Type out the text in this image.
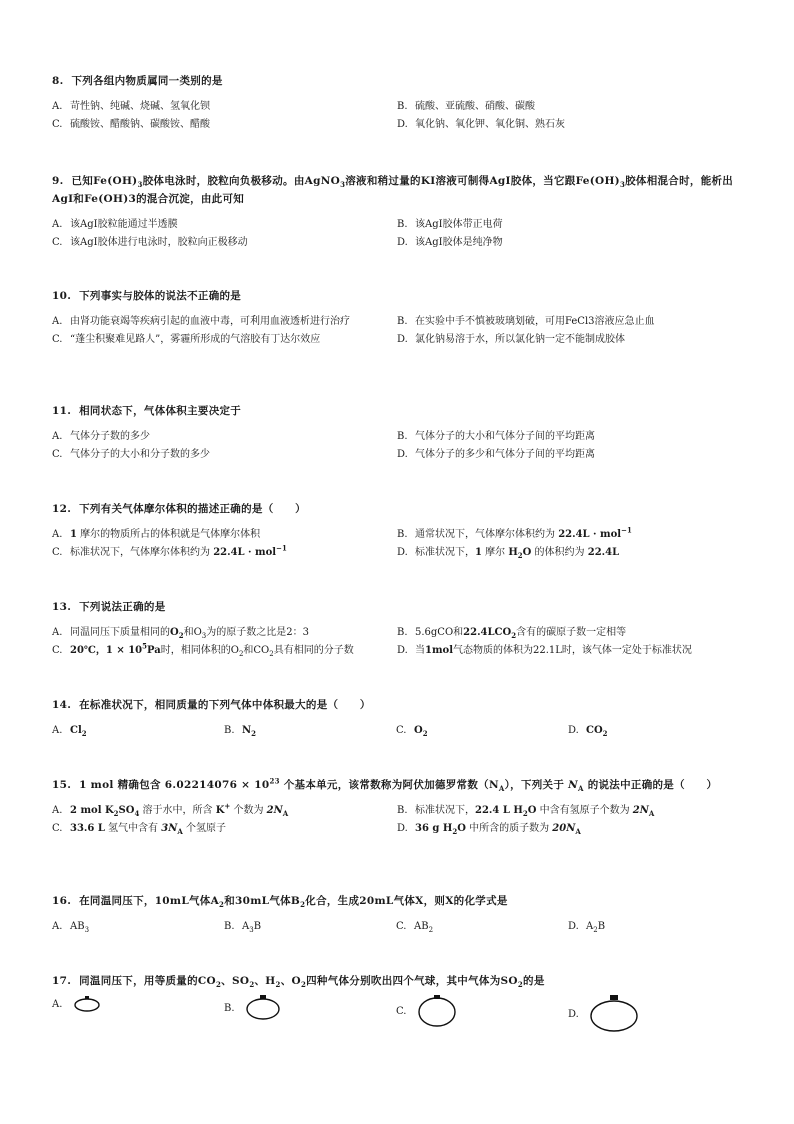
8. 下列各组内物质属同一类别的是

A. 苛性钠、纯碱、烧碱、氢氧化钡	B. 硫酸、亚硫酸、硝酸、碳酸
C. 硫酸铵、醋酸钠、碳酸铵、醋酸	D. 氧化钠、氧化钾、氧化铜、熟石灰

9. 已知$Fe(OH)_3$胶体电泳时，胶粒向负极移动。由AgNO$_3$溶液和稍过量的KI溶液可制得AgI胶体，当它跟$Fe(OH)_3$胶体相混合时，能析出AgI和Fe(OH)3的混合沉淀，由此可知

A. 该AgI胶粒能通过半透膜	B. 该AgI胶体带正电荷
C. 该AgI胶体进行电泳时，胶粒向正极移动	D. 该AgI胶体是纯净物

10. 下列事实与胶体的说法不正确的是

A. 由肾功能衰竭等疾病引起的血液中毒，可利用血液透析进行治疗	B. 在实验中手不慎被玻璃划破，可用FeCl3溶液应急止血
C. “蓬尘积聚难见路人”，雾霾所形成的气溶胶有丁达尔效应	D. 氯化钠易溶于水，所以氯化钠一定不能制成胶体

11. 相同状态下，气体体积主要决定于

A. 气体分子数的多少	B. 气体分子的大小和气体分子间的平均距离
C. 气体分子的大小和分子数的多少	D. 气体分子的多少和气体分子间的平均距离

12. 下列有关气体摩尔体积的描述正确的是（　　）

A. 1 摩尔的物质所占的体积就是气体摩尔体积	B. 通常状况下，气体摩尔体积约为 22.4L · mol$^{-1}$
C. 标准状况下，气体摩尔体积约为 22.4L · mol$^{-1}$	D. 标准状况下，1 摩尔 $H_2O$ 的体积约为 22.4L

13. 下列说法正确的是

A. 同温同压下质量相同的$O_2$和$O_3$为的原子数之比是2：3	B. 5.6gCO和$22.4LCO_2$含有的碳原子数一定相等
C. 20℃，$1 \times 10^5Pa$时，相同体积的$O_2$和$CO_2$具有相同的分子数	D. 当1mol气态物质的体积为22.1L时，该气体一定处于标准状况

14. 在标准状况下，相同质量的下列气体中体积最大的是（　　）

A. $Cl_2$	B. $N_2$	C. $O_2$	D. $CO_2$

15. 1 mol 精确包含 $6.02214076 \times 10^{23}$ 个基本单元，该常数称为阿伏加德罗常数$(N_A)$，下列关于 $N_A$ 的说法中正确的是（　　）

A. 2 mol $K_2SO_4$ 溶于水中，所含 K+ 个数为 $2N_A$	B. 标准状况下，22.4 L $H_2O$ 中含有氢原子个数为 $2N_A$
C. 33.6 L 氢气中含有 $3N_A$ 个氢原子	D. 36 g $H_2O$ 中所含的质子数为 $20N_A$

16. 在同温同压下，10mL气体$A_2$和30mL气体$B_2$化合，生成20mL气体X，则X的化学式是

A. $AB_3$	B. $A_3B$	C. $AB_2$	D. $A_2B$

17. 同温同压下，用等质量的$CO_2$、$SO_2$、$H_2$、$O_2$四种气体分别吹出四个气球，其中气体为$SO_2$的是

A.	B.	C.	D.
